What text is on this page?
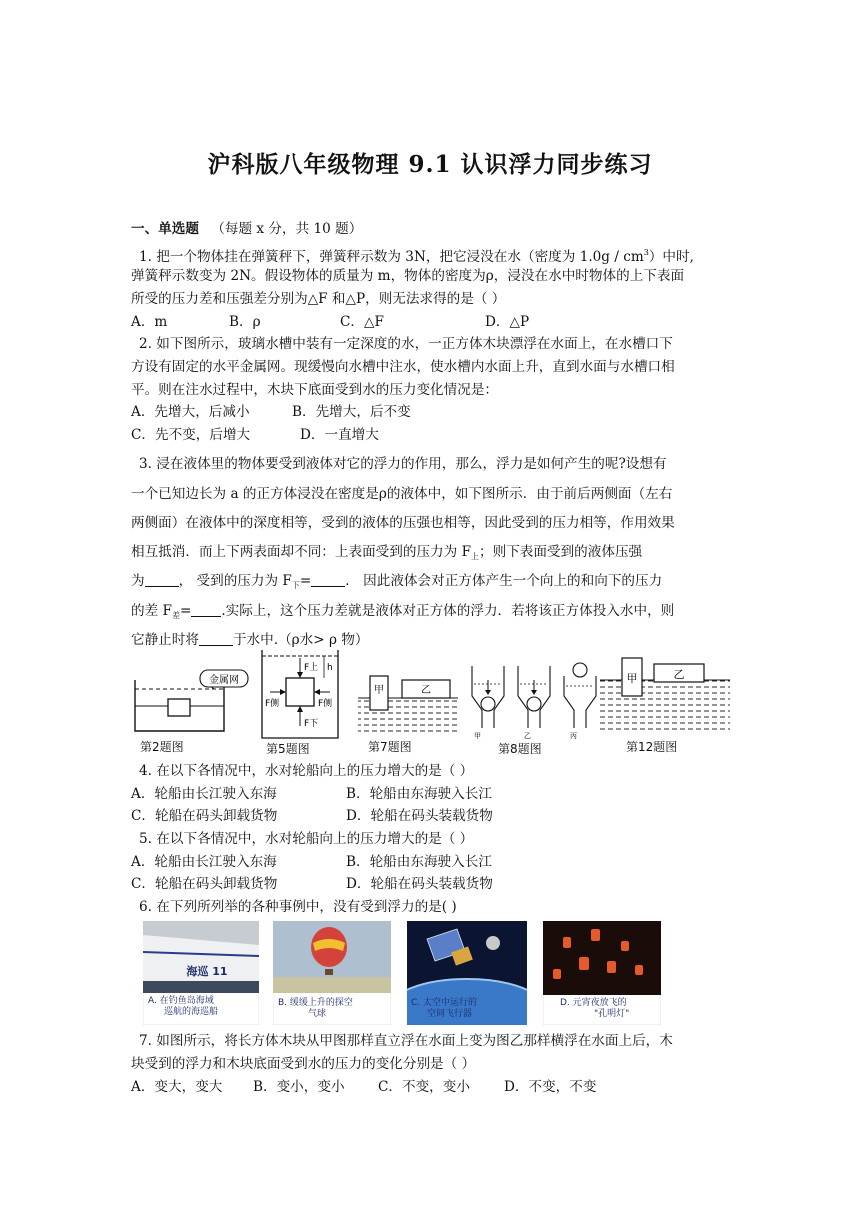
沪科版八年级物理 9.1 认识浮力同步练习
一、单选题 （每题 x 分，共 10 题）
1. 把一个物体挂在弹簧秤下，弹簧秤示数为 3N，把它浸没在水（密度为 $1.0g / cm^3$）中时,
弹簧秤示数变为 2N。假设物体的质量为 m，物体的密度为ρ，浸没在水中时物体的上下表面
所受的压力差和压强差分别为△F 和△P，则无法求得的是（ ）
A．m	B．ρ	C．△F	D．△P
2. 如下图所示，玻璃水槽中装有一定深度的水，一正方体木块漂浮在水面上，在水槽口下
方设有固定的水平金属网。现缓慢向水槽中注水，使水槽内水面上升，直到水面与水槽口相
平。则在注水过程中，木块下底面受到水的压力变化情况是：
A．先增大，后减小	B．先增大，后不变
C．先不变，后增大	D．一直增大
3. 浸在液体里的物体要受到液体对它的浮力的作用，那么，浮力是如何产生的呢?设想有
一个已知边长为 a 的正方体浸没在密度是ρ的液体中，如下图所示．由于前后两侧面（左右
两侧面）在液体中的深度相等，受到的液体的压强也相等，因此受到的压力相等，作用效果
相互抵消．而上下两表面却不同：上表面受到的压力为 $F_上$；则下表面受到的液体压强
为	， 受到的压力为 $F_下=$	． 因此液体会对正方体产生一个向上的和向下的压力
的差 $F_差=$ .实际上，这个压力差就是液体对正方体的浮力．若将该正方体投入水中，则
它静止时将	于水中.（ρ水> ρ 物）
金属网
第2题图
F上
F下
F侧	F侧
h
第5题图
甲	乙
第7题图
甲	乙	丙
第8题图
甲	乙
第12题图
4. 在以下各情况中，水对轮船向上的压力增大的是（ ）
A．轮船由长江驶入东海	B．轮船由东海驶入长江
C．轮船在码头卸载货物	D．轮船在码头装载货物
5. 在以下各情况中，水对轮船向上的压力增大的是（ ）
A．轮船由长江驶入东海	B．轮船由东海驶入长江
C．轮船在码头卸载货物	D．轮船在码头装载货物
6. 在下列所列举的各种事例中，没有受到浮力的是( )
海巡 11
A. 在钓鱼岛海域
巡航的海巡船
B. 缓缓上升的探空
气球
C. 太空中运行的
空间飞行器
D. 元宵夜放飞的
"孔明灯"
7. 如图所示，将长方体木块从甲图那样直立浮在水面上变为图乙那样横浮在水面上后，木
块受到的浮力和木块底面受到水的压力的变化分别是（ ）
A．变大，变大 B．变小，变小 C．不变，变小	D．不变，不变
